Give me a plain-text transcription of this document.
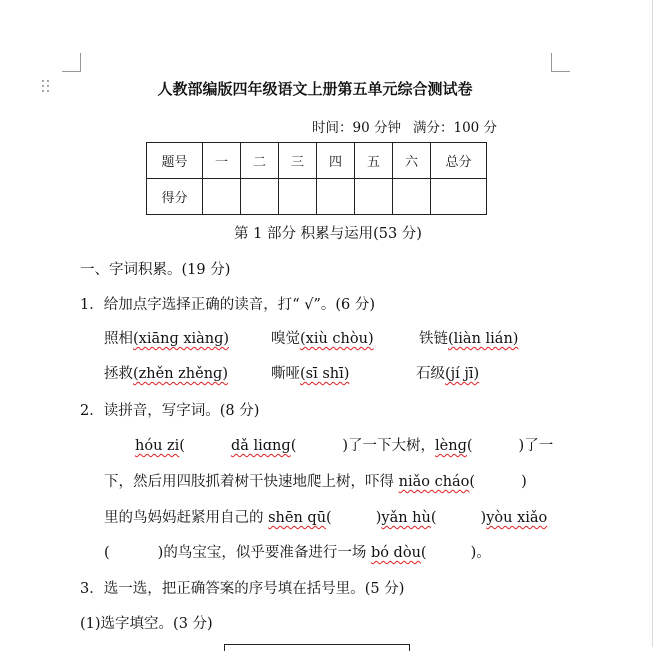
人教部编版四年级语文上册第五单元综合测试卷
时间：90 分钟 满分：100 分
题号	一	二	三	四	五	六	总分
得分							
第 1 部分 积累与运用(53 分)
一、字词积累。(19 分)
1．给加点字选择正确的读音，打“ √”。(6 分)
照相(xiānɡ xiànɡ)	嗅觉(xiù chòu)	铁链(liàn lián)
拯救(zhěn zhěnɡ)	嘶哑(sī shī)	石级(jí jī)
2．读拼音，写字词。(8 分)
hóu zi(	dǎ liɑnɡ(	)了一下大树，lènɡ(	)了一
下，然后用四肢抓着树干快速地爬上树，吓得 niǎo cháo(	)
里的鸟妈妈赶紧用自己的 shēn qū(	)yǎn hù(	)yòu xiǎo
(	)的鸟宝宝，似乎要准备进行一场 bó dòu(	)。
3．选一选，把正确答案的序号填在括号里。(5 分)
(1)选字填空。(3 分)
